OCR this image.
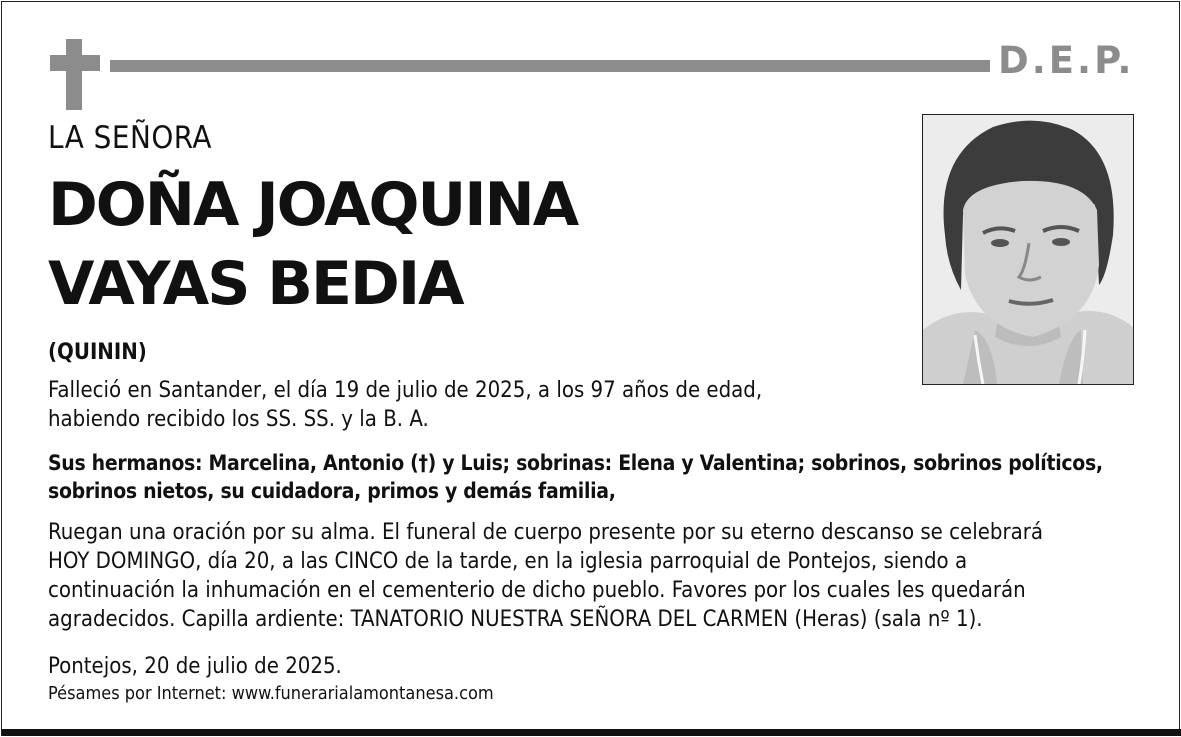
D.E.P.
LA SEÑORA
DOÑA JOAQUINA
VAYAS BEDIA
(QUININ)
Falleció en Santander, el día 19 de julio de 2025, a los 97 años de edad,
habiendo recibido los SS. SS. y la B. A.
Sus hermanos: Marcelina, Antonio (†) y Luis; sobrinas: Elena y Valentina; sobrinos, sobrinos políticos,
sobrinos nietos, su cuidadora, primos y demás familia,
Ruegan una oración por su alma. El funeral de cuerpo presente por su eterno descanso se celebrará
HOY DOMINGO, día 20, a las CINCO de la tarde, en la iglesia parroquial de Pontejos, siendo a
continuación la inhumación en el cementerio de dicho pueblo. Favores por los cuales les quedarán
agradecidos. Capilla ardiente: TANATORIO NUESTRA SEÑORA DEL CARMEN (Heras) (sala nº 1).
Pontejos, 20 de julio de 2025.
Pésames por Internet: www.funerarialamontanesa.com
